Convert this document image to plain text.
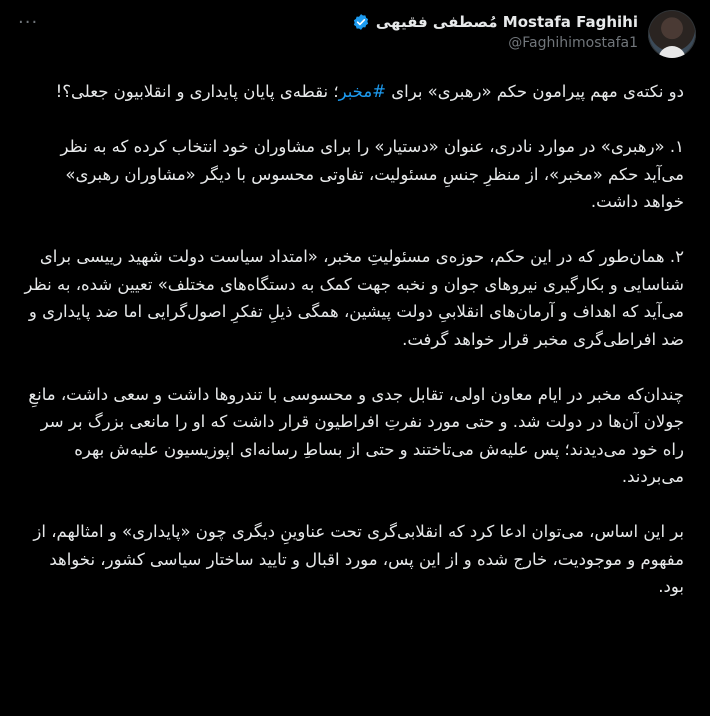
···	مُصطفی فقیهی Mostafa Faghihi
@Faghihimostafa1

دو نکته‌ی مهم پیرامون حکم «رهبری» برای #مخبر؛ نقطه‌ی پایان پایداری و انقلابیون جعلی؟!

۱. «رهبری» در موارد نادری، عنوان «دستیار» را برای مشاوران خود انتخاب کرده که به نظر می‌آید حکم «مخبر»، از منظرِ جنسِ مسئولیت، تفاوتی محسوس با دیگر «مشاوران رهبری» خواهد داشت.

۲. همان‌طور که در این حکم، حوزه‌ی مسئولیتِ مخبر، «امتداد سیاست دولت شهید رییسی برای شناسایی و بکارگیری نیروهای جوان و نخبه جهت کمک به دستگاه‌های مختلف» تعیین شده، به نظر می‌آید که اهداف و آرمان‌های انقلابیِ دولت پیشین، همگی ذیلِ تفکرِ اصول‌گرایی اما ضد پایداری و ضد افراطی‌گری مخبر قرار خواهد گرفت.

چندان‌که مخبر در ایام معاون اولی، تقابل جدی و محسوسی با تندروها داشت و سعی داشت، مانعِ جولان آن‌ها در دولت شد. و حتی مورد نفرتِ افراطیون قرار داشت که او را مانعی بزرگ بر سر راه خود می‌دیدند؛ پس علیه‌ش می‌تاختند و حتی از بساطِ رسانه‌ای اپوزیسیون علیه‌ش بهره می‌بردند.

بر این اساس، می‌توان ادعا کرد که انقلابی‌گری تحت عناوینِ دیگری چون «پایداری» و امثالهم، از مفهوم و موجودیت، خارج شده و از این پس، مورد اقبال و تایید ساختار سیاسی کشور، نخواهد بود.
